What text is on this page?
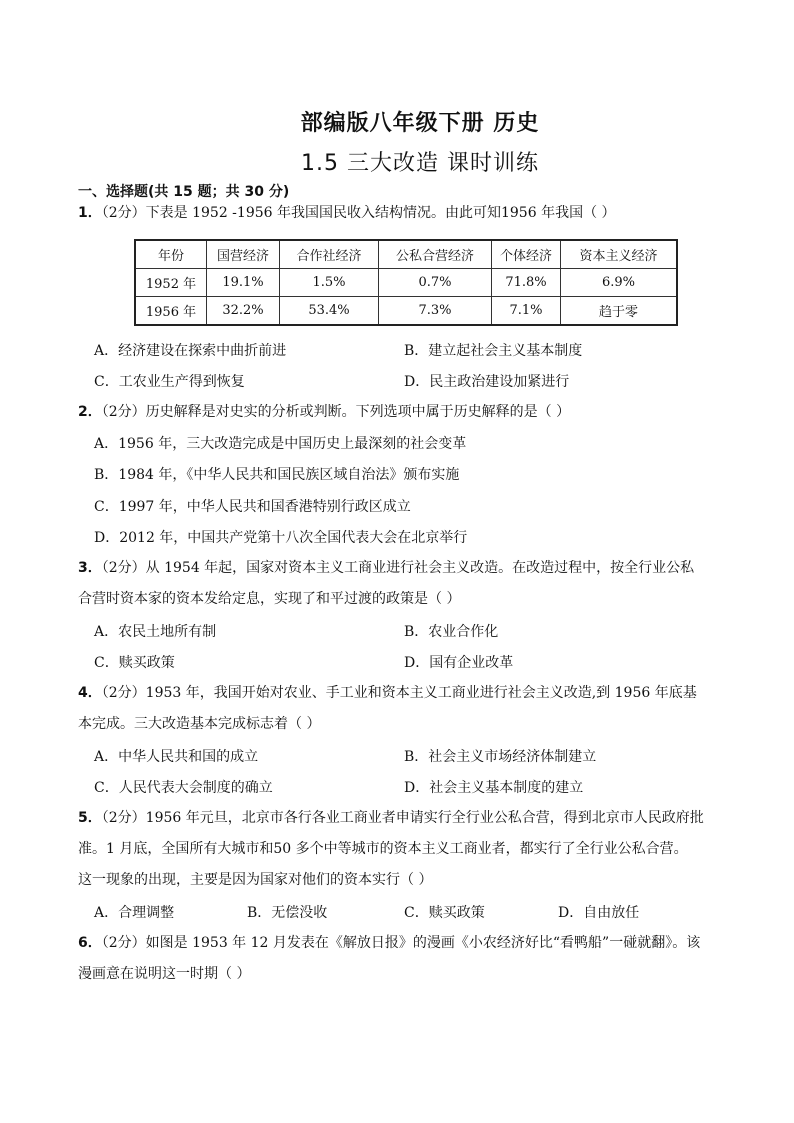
部编版八年级下册 历史
1.5 三大改造 课时训练
一、选择题(共 15 题；共 30 分)
1．（2分）下表是 1952 -1956 年我国国民收入结构情况。由此可知1956 年我国（ ）
年份	国营经济	合作社经济	公私合营经济	个体经济	资本主义经济
1952 年	19.1%	1.5%	0.7%	71.8%	6.9%
1956 年	32.2%	53.4%	7.3%	7.1%	趋于零
A．经济建设在探索中曲折前进	B．建立起社会主义基本制度
C．工农业生产得到恢复	D．民主政治建设加紧进行
2．（2分）历史解释是对史实的分析或判断。下列选项中属于历史解释的是（ ）
A．1956 年，三大改造完成是中国历史上最深刻的社会变革
B．1984 年，《中华人民共和国民族区域自治法》颁布实施
C．1997 年，中华人民共和国香港特别行政区成立
D．2012 年，中国共产党第十八次全国代表大会在北京举行
3．（2分）从 1954 年起，国家对资本主义工商业进行社会主义改造。在改造过程中，按全行业公私
合营时资本家的资本发给定息，实现了和平过渡的政策是（ ）
A．农民土地所有制	B．农业合作化
C．赎买政策	D．国有企业改革
4．（2分）1953 年，我国开始对农业、手工业和资本主义工商业进行社会主义改造,到 1956 年底基
本完成。三大改造基本完成标志着（ ）
A．中华人民共和国的成立	B．社会主义市场经济体制建立
C．人民代表大会制度的确立	D．社会主义基本制度的建立
5．（2分）1956 年元旦，北京市各行各业工商业者申请实行全行业公私合营，得到北京市人民政府批
准。1 月底，全国所有大城市和50 多个中等城市的资本主义工商业者，都实行了全行业公私合营。
这一现象的出现，主要是因为国家对他们的资本实行（ ）
A．合理调整	B．无偿没收	C．赎买政策	D．自由放任
6．（2分）如图是 1953 年 12 月发表在《解放日报》的漫画《小农经济好比“看鸭船”一碰就翻》。该
漫画意在说明这一时期（ ）
